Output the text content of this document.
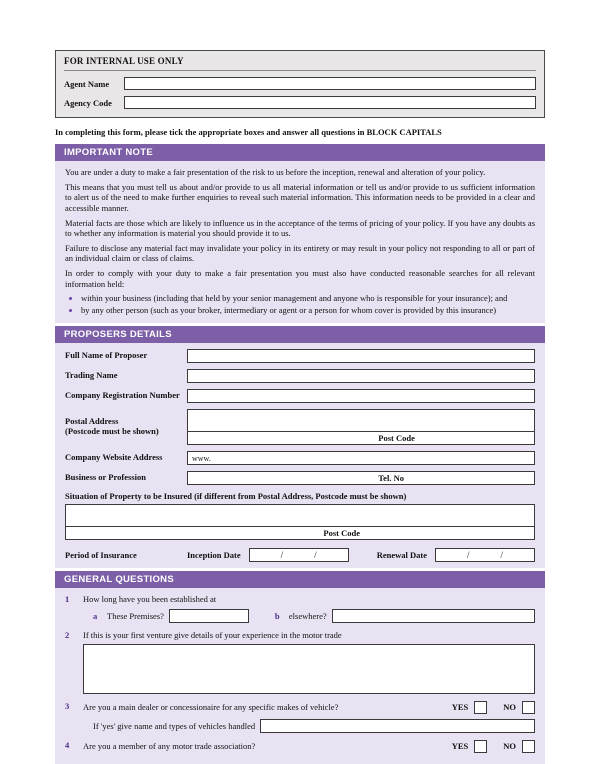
FOR INTERNAL USE ONLY
Agent Name
Agency Code
In completing this form, please tick the appropriate boxes and answer all questions in BLOCK CAPITALS
IMPORTANT NOTE

You are under a duty to make a fair presentation of the risk to us before the inception, renewal and alteration of your policy.

This means that you must tell us about and/or provide to us all material information or tell us and/or provide to us sufficient information to alert us of the need to make further enquiries to reveal such material information. This information needs to be provided in a clear and accessible manner.

Material facts are those which are likely to influence us in the acceptance of the terms of pricing of your policy. If you have any doubts as to whether any information is material you should provide it to us.

Failure to disclose any material fact may invalidate your policy in its entirety or may result in your policy not responding to all or part of an individual claim or class of claims.

In order to comply with your duty to make a fair presentation you must also have conducted reasonable searches for all relevant information held:

• within your business (including that held by your senior management and anyone who is responsible for your insurance); and
• by any other person (such as your broker, intermediary or agent or a person for whom cover is provided by this insurance)
PROPOSERS DETAILS
Full Name of Proposer
Trading Name
Company Registration Number
Postal Address
(Postcode must be shown)
Post Code
Company Website Address	www.
Business or Profession	Tel. No
Situation of Property to be Insured (if different from Postal Address, Postcode must be shown)
Post Code
Period of Insurance	Inception Date	/	/	Renewal Date	/	/
GENERAL QUESTIONS
1	How long have you been established at
a	These Premises?	b	elsewhere?
2	If this is your first venture give details of your experience in the motor trade
3	Are you a main dealer or concessionaire for any specific makes of vehicle?	YES	NO
If 'yes' give name and types of vehicles handled
4	Are you a member of any motor trade association?	YES	NO
